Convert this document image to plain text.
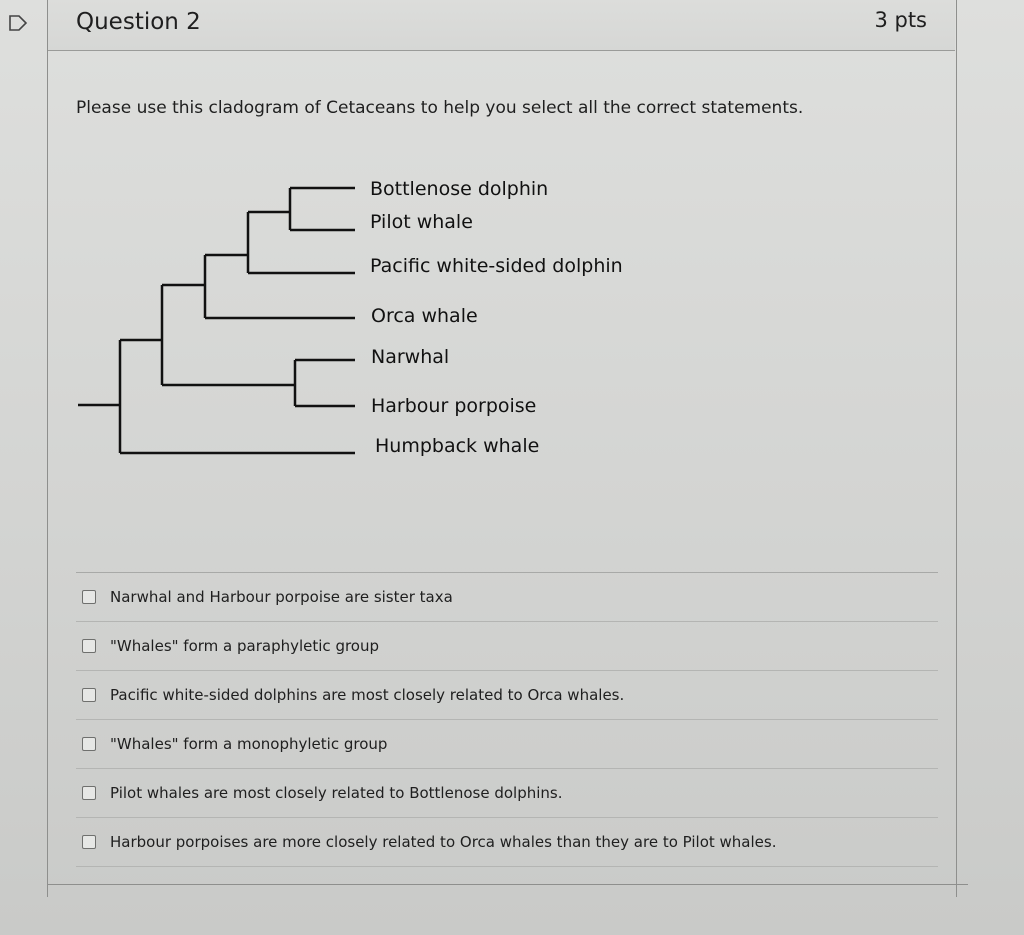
Question 2	3 pts
Please use this cladogram of Cetaceans to help you select all the correct statements.
Bottlenose dolphin
Pilot whale
Pacific white-sided dolphin
Orca whale
Narwhal
Harbour porpoise
Humpback whale
Narwhal and Harbour porpoise are sister taxa
"Whales" form a paraphyletic group
Pacific white-sided dolphins are most closely related to Orca whales.
"Whales" form a monophyletic group
Pilot whales are most closely related to Bottlenose dolphins.
Harbour porpoises are more closely related to Orca whales than they are to Pilot whales.
